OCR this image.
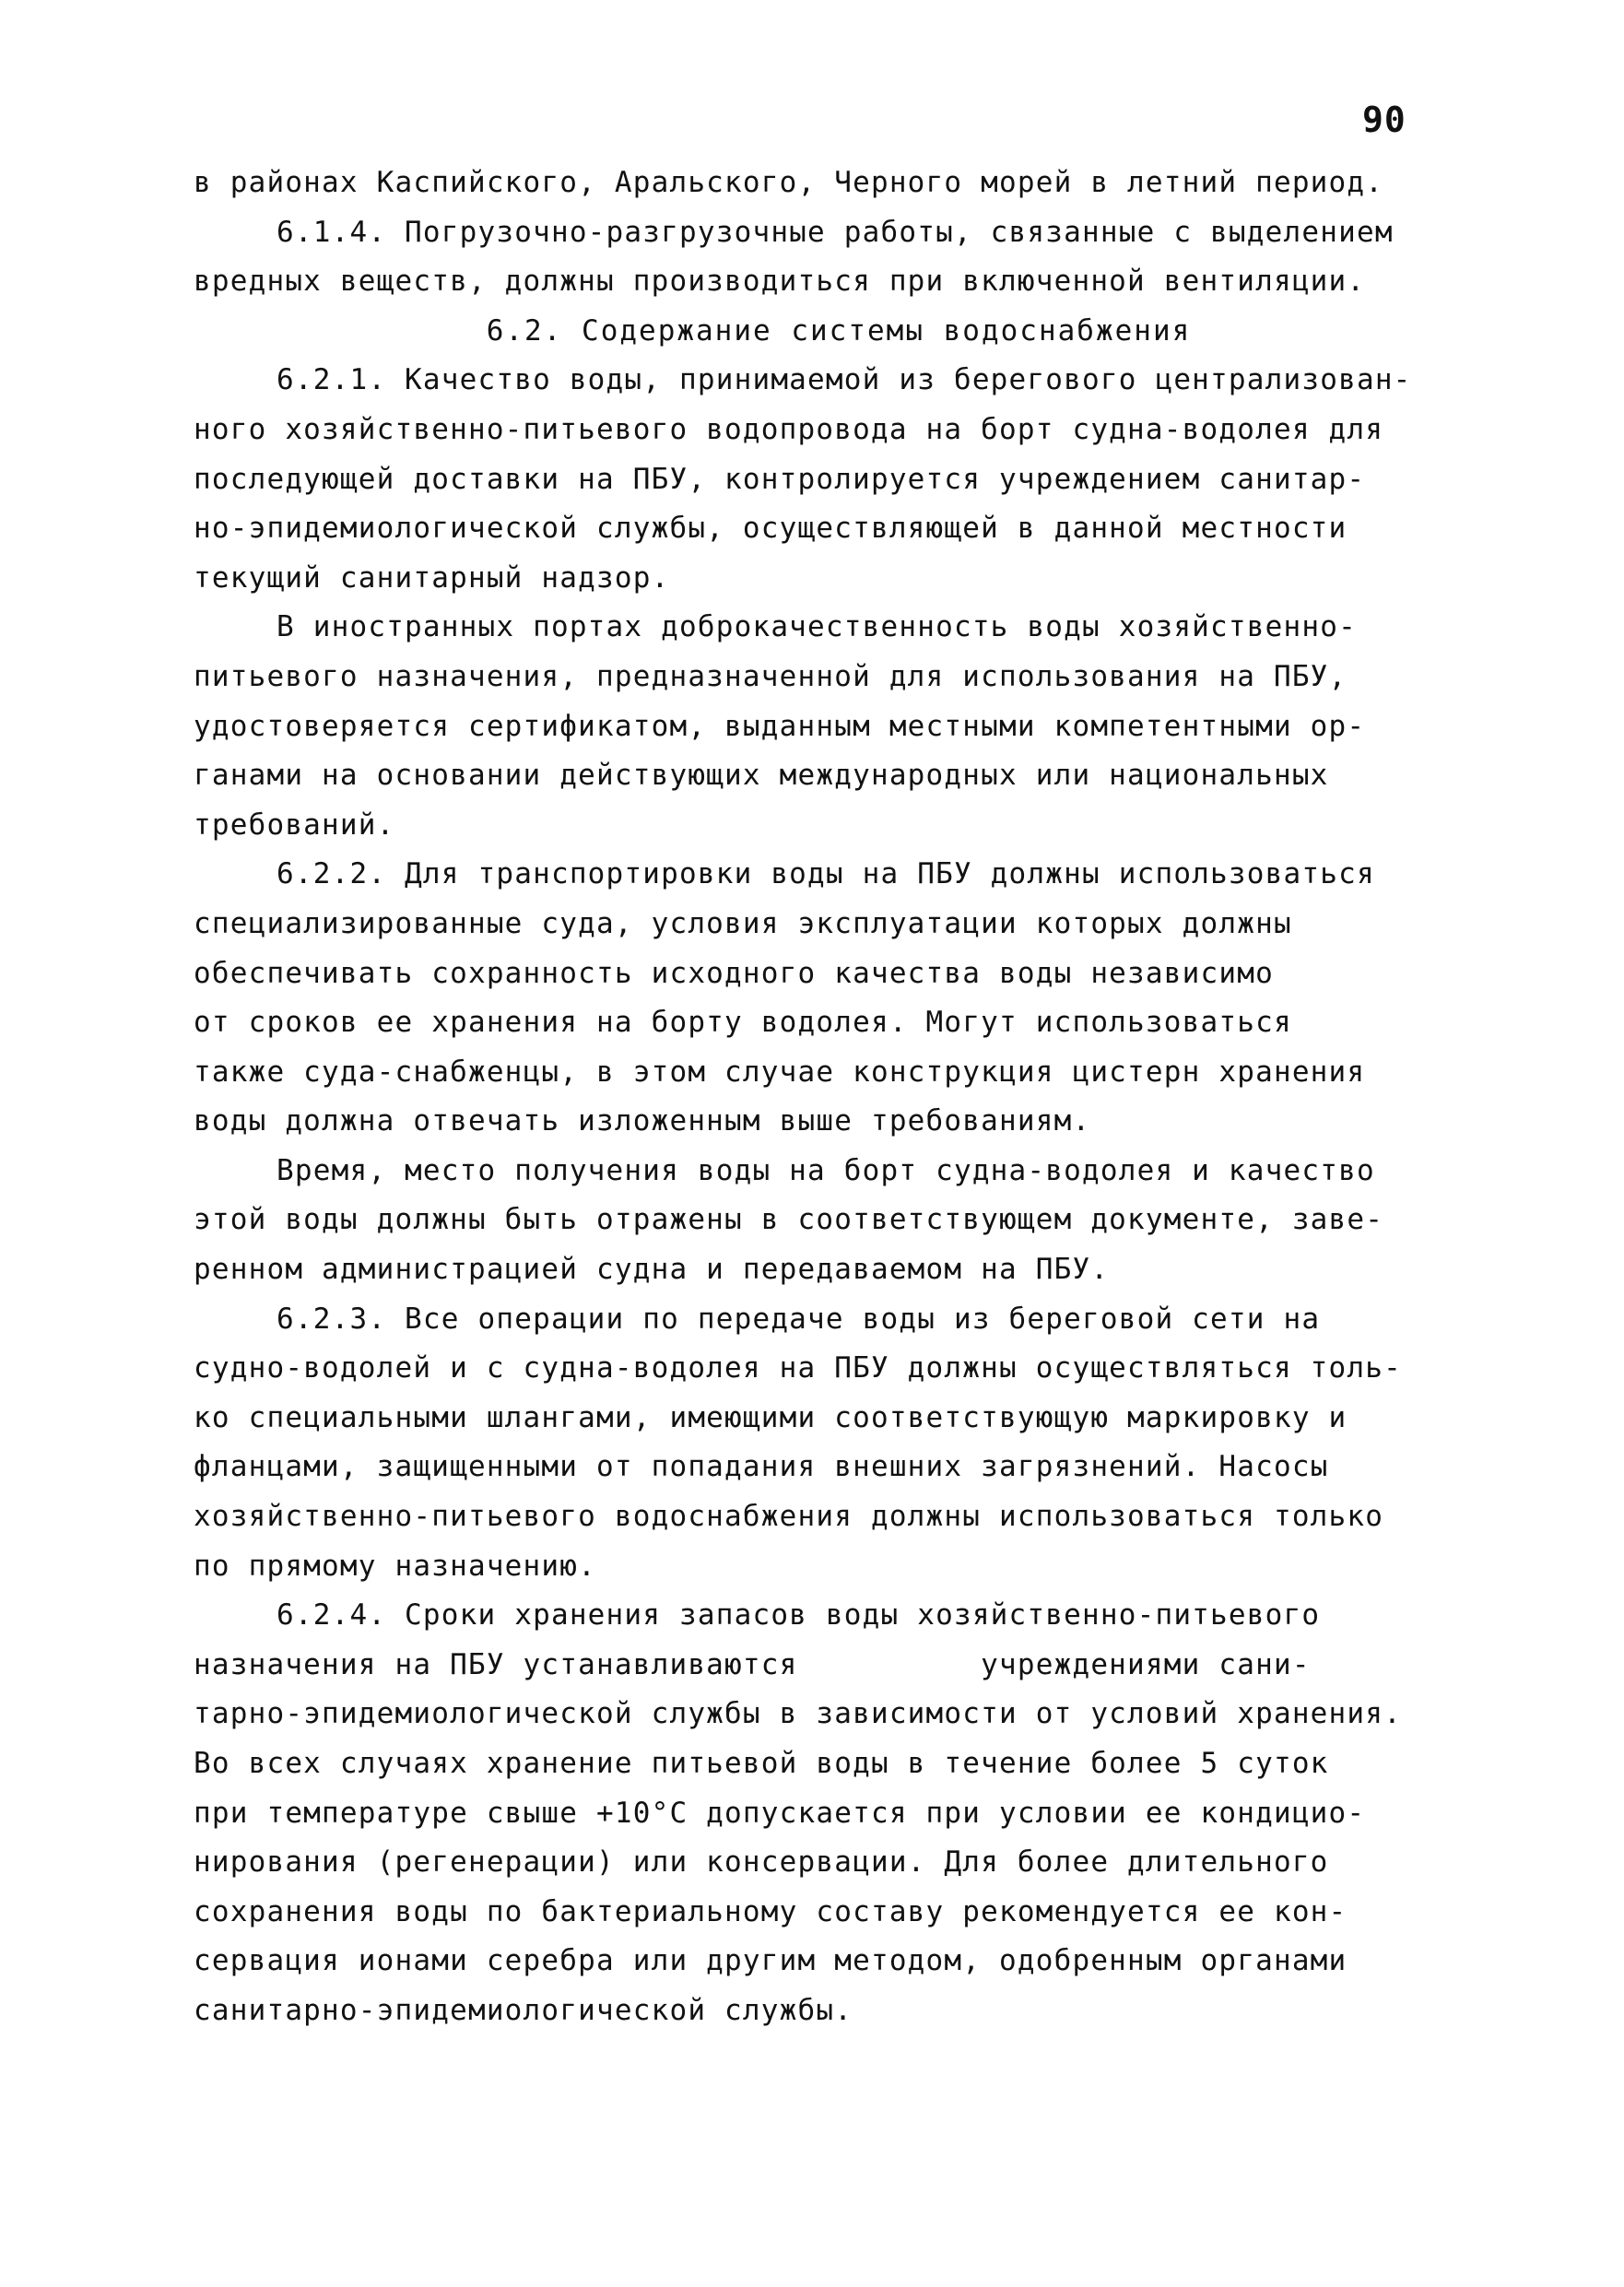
90
в районах Каспийского, Аральского, Черного морей в летний период.
6.1.4. Погрузочно-разгрузочные работы, связанные с выделением
вредных веществ, должны производиться при включенной вентиляции.
6.2. Содержание системы водоснабжения
6.2.1. Качество воды, принимаемой из берегового централизован-
ного хозяйственно-питьевого водопровода на борт судна-водолея для
последующей доставки на ПБУ, контролируется учреждением санитар-
но-эпидемиологической службы, осуществляющей в данной местности
текущий санитарный надзор.
В иностранных портах доброкачественность воды хозяйственно-
питьевого назначения, предназначенной для использования на ПБУ,
удостоверяется сертификатом, выданным местными компетентными ор-
ганами на основании действующих международных или национальных
требований.
6.2.2. Для транспортировки воды на ПБУ должны использоваться
специализированные суда, условия эксплуатации которых должны
обеспечивать сохранность исходного качества воды независимо
от сроков ее хранения на борту водолея. Могут использоваться
также суда-снабженцы, в этом случае конструкция цистерн хранения
воды должна отвечать изложенным выше требованиям.
Время, место получения воды на борт судна-водолея и качество
этой воды должны быть отражены в соответствующем документе, заве-
ренном администрацией судна и передаваемом на ПБУ.
6.2.3. Все операции по передаче воды из береговой сети на
судно-водолей и с судна-водолея на ПБУ должны осуществляться толь-
ко специальными шлангами, имеющими соответствующую маркировку и
фланцами, защищенными от попадания внешних загрязнений. Насосы
хозяйственно-питьевого водоснабжения должны использоваться только
по прямому назначению.
6.2.4. Сроки хранения запасов воды хозяйственно-питьевого
назначения на ПБУ устанавливаются          учреждениями сани-
тарно-эпидемиологической службы в зависимости от условий хранения.
Во всех случаях хранение питьевой воды в течение более 5 суток
при температуре свыше +10°С допускается при условии ее кондицио-
нирования (регенерации) или консервации. Для более длительного
сохранения воды по бактериальному составу рекомендуется ее кон-
сервация ионами серебра или другим методом, одобренным органами
санитарно-эпидемиологической службы.
